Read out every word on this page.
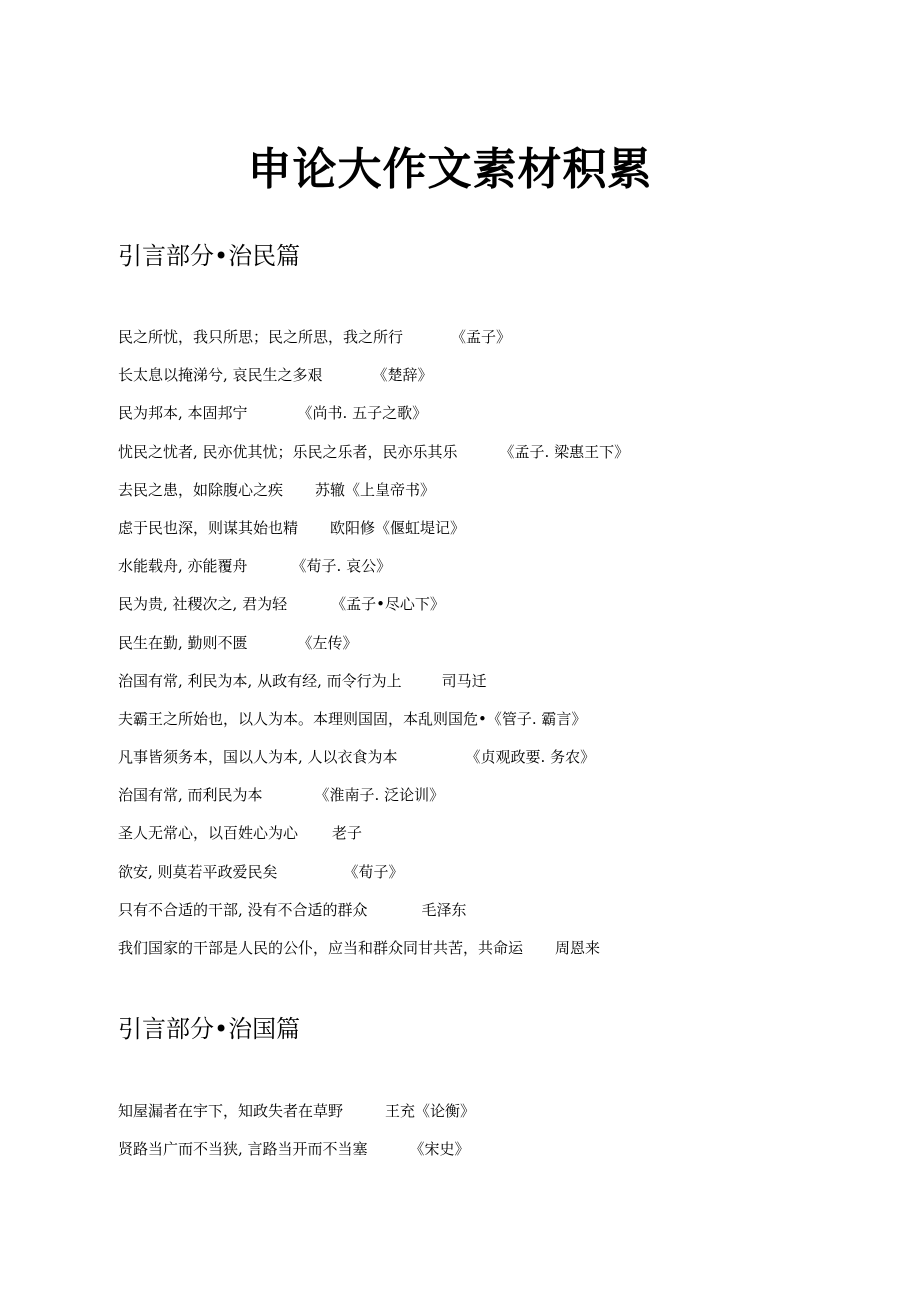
申论大作文素材积累
引言部分•治民篇
民之所忧，我只所思；民之所思，我之所行	《孟子》
长太息以掩涕兮, 哀民生之多艰	《楚辞》
民为邦本, 本固邦宁	《尚书. 五子之歌》
忧民之忧者, 民亦优其忧；乐民之乐者，民亦乐其乐	《孟子. 梁惠王下》
去民之患，如除腹心之疾 苏辙《上皇帝书》
虑于民也深，则谋其始也精 欧阳修《偃虹堤记》
水能载舟, 亦能覆舟	《荀子. 哀公》
民为贵, 社稷次之, 君为轻	《孟子•尽心下》
民生在勤, 勤则不匮	《左传》
治国有常, 利民为本, 从政有经, 而令行为上	司马迁
夫霸王之所始也，以人为本。本理则国固，本乱则国危•《管子. 霸言》
凡事皆须务本，国以人为本, 人以衣食为本	《贞观政要. 务农》
治国有常, 而利民为本	《淮南子. 泛论训》
圣人无常心，以百姓心为心 老子
欲安, 则莫若平政爱民矣	《荀子》
只有不合适的干部, 没有不合适的群众	毛泽东
我们国家的干部是人民的公仆，应当和群众同甘共苦，共命运 周恩来
引言部分•治国篇
知屋漏者在宇下，知政失者在草野	王充《论衡》
贤路当广而不当狭, 言路当开而不当塞	《宋史》
